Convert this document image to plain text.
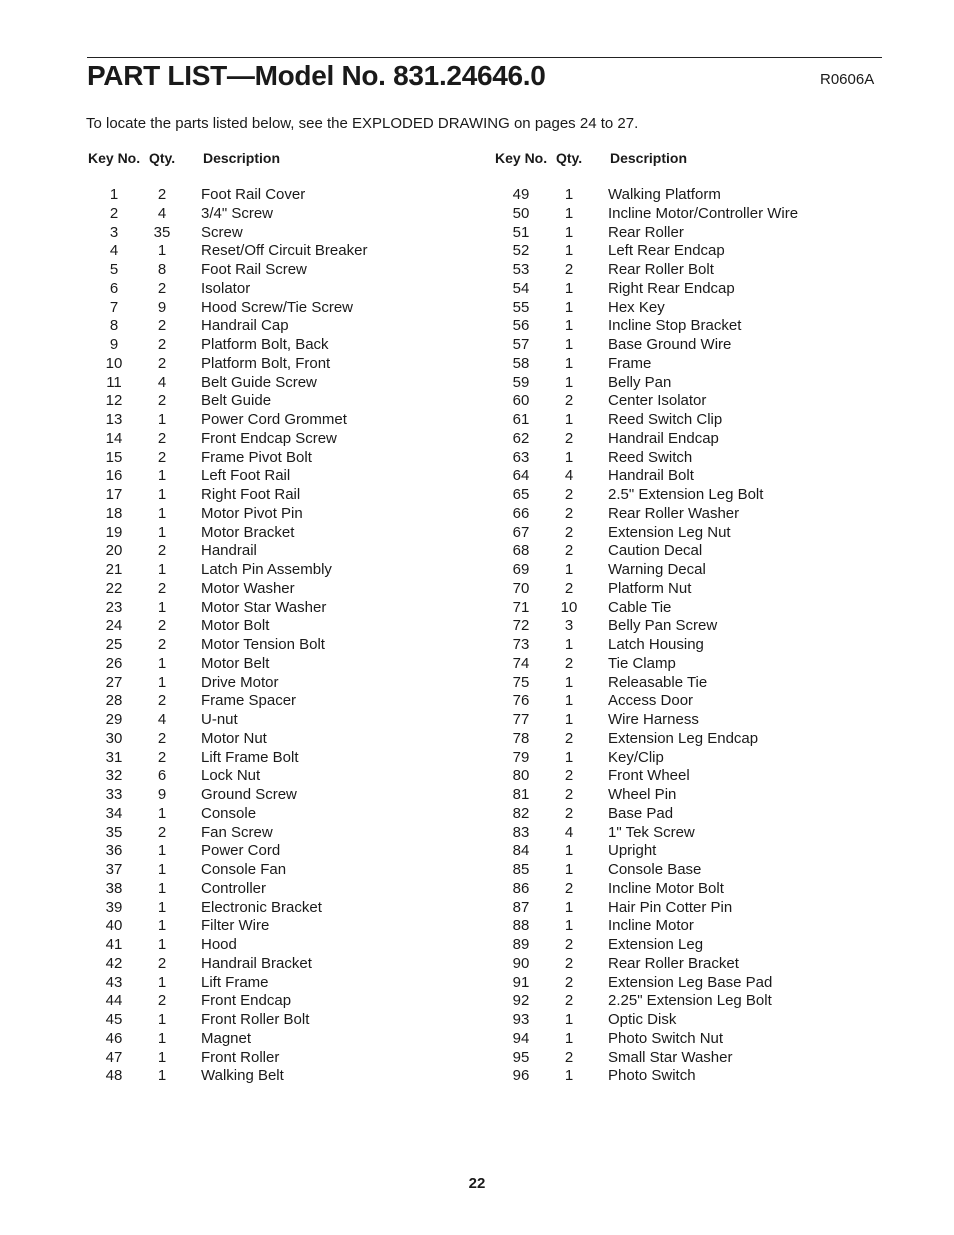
PART LIST—Model No. 831.24646.0	R0606A
To locate the parts listed below, see the EXPLODED DRAWING on pages 24 to 27.
Key No. Qty. Description
1	2	Foot Rail Cover
2	4	3/4" Screw
3	35	Screw
4	1	Reset/Off Circuit Breaker
5	8	Foot Rail Screw
6	2	Isolator
7	9	Hood Screw/Tie Screw
8	2	Handrail Cap
9	2	Platform Bolt, Back
10	2	Platform Bolt, Front
11	4	Belt Guide Screw
12	2	Belt Guide
13	1	Power Cord Grommet
14	2	Front Endcap Screw
15	2	Frame Pivot Bolt
16	1	Left Foot Rail
17	1	Right Foot Rail
18	1	Motor Pivot Pin
19	1	Motor Bracket
20	2	Handrail
21	1	Latch Pin Assembly
22	2	Motor Washer
23	1	Motor Star Washer
24	2	Motor Bolt
25	2	Motor Tension Bolt
26	1	Motor Belt
27	1	Drive Motor
28	2	Frame Spacer
29	4	U-nut
30	2	Motor Nut
31	2	Lift Frame Bolt
32	6	Lock Nut
33	9	Ground Screw
34	1	Console
35	2	Fan Screw
36	1	Power Cord
37	1	Console Fan
38	1	Controller
39	1	Electronic Bracket
40	1	Filter Wire
41	1	Hood
42	2	Handrail Bracket
43	1	Lift Frame
44	2	Front Endcap
45	1	Front Roller Bolt
46	1	Magnet
47	1	Front Roller
48	1	Walking Belt
Key No. Qty. Description
49	1	Walking Platform
50	1	Incline Motor/Controller Wire
51	1	Rear Roller
52	1	Left Rear Endcap
53	2	Rear Roller Bolt
54	1	Right Rear Endcap
55	1	Hex Key
56	1	Incline Stop Bracket
57	1	Base Ground Wire
58	1	Frame
59	1	Belly Pan
60	2	Center Isolator
61	1	Reed Switch Clip
62	2	Handrail Endcap
63	1	Reed Switch
64	4	Handrail Bolt
65	2	2.5" Extension Leg Bolt
66	2	Rear Roller Washer
67	2	Extension Leg Nut
68	2	Caution Decal
69	1	Warning Decal
70	2	Platform Nut
71	10	Cable Tie
72	3	Belly Pan Screw
73	1	Latch Housing
74	2	Tie Clamp
75	1	Releasable Tie
76	1	Access Door
77	1	Wire Harness
78	2	Extension Leg Endcap
79	1	Key/Clip
80	2	Front Wheel
81	2	Wheel Pin
82	2	Base Pad
83	4	1" Tek Screw
84	1	Upright
85	1	Console Base
86	2	Incline Motor Bolt
87	1	Hair Pin Cotter Pin
88	1	Incline Motor
89	2	Extension Leg
90	2	Rear Roller Bracket
91	2	Extension Leg Base Pad
92	2	2.25" Extension Leg Bolt
93	1	Optic Disk
94	1	Photo Switch Nut
95	2	Small Star Washer
96	1	Photo Switch
22
